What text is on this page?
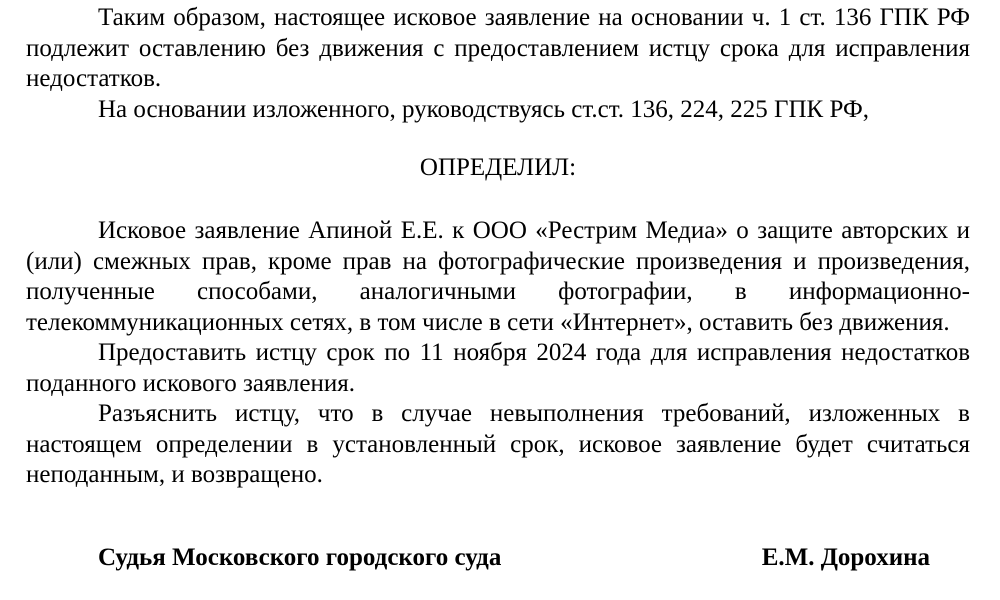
Таким образом, настоящее исковое заявление на основании ч. 1 ст. 136 ГПК РФ подлежит оставлению без движения с предоставлением истцу срока для исправления недостатков.

На основании изложенного, руководствуясь ст.ст. 136, 224, 225 ГПК РФ,

ОПРЕДЕЛИЛ:

Исковое заявление Апиной Е.Е. к ООО «Рестрим Медиа» о защите авторских и (или) смежных прав, кроме прав на фотографические произведения и произведения, полученные способами, аналогичными фотографии, в информационно-телекоммуникационных сетях, в том числе в сети «Интернет», оставить без движения.

Предоставить истцу срок по 11 ноября 2024 года для исправления недостатков поданного искового заявления.

Разъяснить истцу, что в случае невыполнения требований, изложенных в настоящем определении в установленный срок, исковое заявление будет считаться неподанным, и возвращено.

Судья Московского городского суда	Е.М. Дорохина
